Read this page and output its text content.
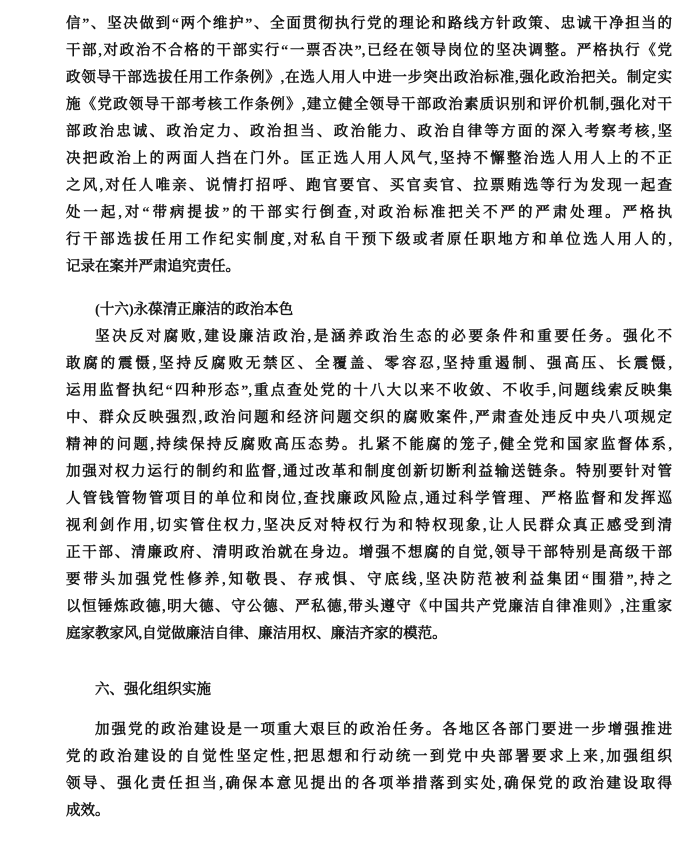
信”、坚决做到“两个维护”、全面贯彻执行党的理论和路线方针政策、忠诚干净担当的
干部,对政治不合格的干部实行“一票否决”,已经在领导岗位的坚决调整。严格执行《党
政领导干部选拔任用工作条例》,在选人用人中进一步突出政治标准,强化政治把关。制定实
施《党政领导干部考核工作条例》,建立健全领导干部政治素质识别和评价机制,强化对干
部政治忠诚、政治定力、政治担当、政治能力、政治自律等方面的深入考察考核,坚
决把政治上的两面人挡在门外。匡正选人用人风气,坚持不懈整治选人用人上的不正
之风,对任人唯亲、说情打招呼、跑官要官、买官卖官、拉票贿选等行为发现一起查
处一起,对“带病提拔”的干部实行倒查,对政治标准把关不严的严肃处理。严格执
行干部选拔任用工作纪实制度,对私自干预下级或者原任职地方和单位选人用人的,
记录在案并严肃追究责任。
(十六)永葆清正廉洁的政治本色
坚决反对腐败,建设廉洁政治,是涵养政治生态的必要条件和重要任务。强化不
敢腐的震慑,坚持反腐败无禁区、全覆盖、零容忍,坚持重遏制、强高压、长震慑,
运用监督执纪“四种形态”,重点查处党的十八大以来不收敛、不收手,问题线索反映集
中、群众反映强烈,政治问题和经济问题交织的腐败案件,严肃查处违反中央八项规定
精神的问题,持续保持反腐败高压态势。扎紧不能腐的笼子,健全党和国家监督体系,
加强对权力运行的制约和监督,通过改革和制度创新切断利益输送链条。特别要针对管
人管钱管物管项目的单位和岗位,查找廉政风险点,通过科学管理、严格监督和发挥巡
视利剑作用,切实管住权力,坚决反对特权行为和特权现象,让人民群众真正感受到清
正干部、清廉政府、清明政治就在身边。增强不想腐的自觉,领导干部特别是高级干部
要带头加强党性修养,知敬畏、存戒惧、守底线,坚决防范被利益集团“围猎”,持之
以恒锤炼政德,明大德、守公德、严私德,带头遵守《中国共产党廉洁自律准则》,注重家
庭家教家风,自觉做廉洁自律、廉洁用权、廉洁齐家的模范。
六、强化组织实施
加强党的政治建设是一项重大艰巨的政治任务。各地区各部门要进一步增强推进
党的政治建设的自觉性坚定性,把思想和行动统一到党中央部署要求上来,加强组织
领导、强化责任担当,确保本意见提出的各项举措落到实处,确保党的政治建设取得
成效。
